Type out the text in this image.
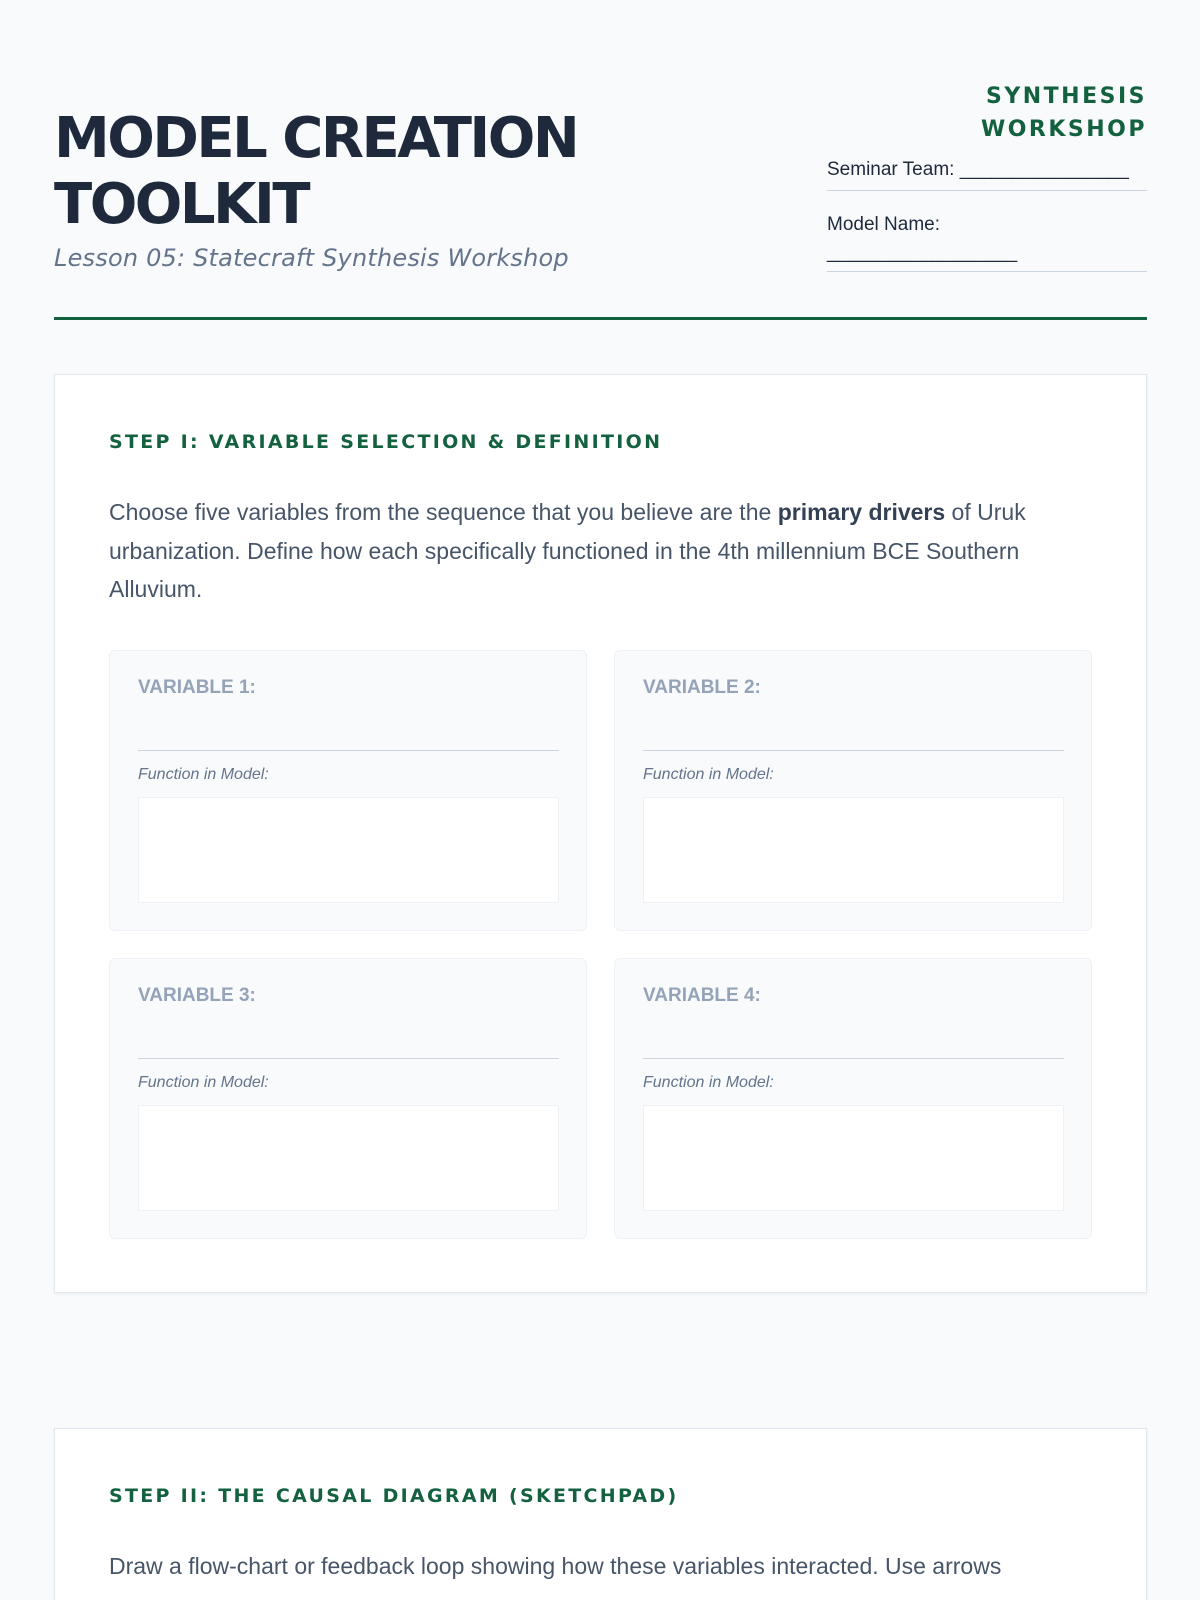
MODEL CREATION
TOOLKIT
Lesson 05: Statecraft Synthesis Workshop
SYNTHESIS
WORKSHOP
Seminar Team: ________________
Model Name:
__________________
STEP I: VARIABLE SELECTION & DEFINITION
Choose five variables from the sequence that you believe are the primary drivers of Uruk urbanization. Define how each specifically functioned in the 4th millennium BCE Southern Alluvium.
VARIABLE 1:
Function in Model:
VARIABLE 2:
Function in Model:
VARIABLE 3:
Function in Model:
VARIABLE 4:
Function in Model:
STEP II: THE CAUSAL DIAGRAM (SKETCHPAD)
Draw a flow-chart or feedback loop showing how these variables interacted. Use arrows
